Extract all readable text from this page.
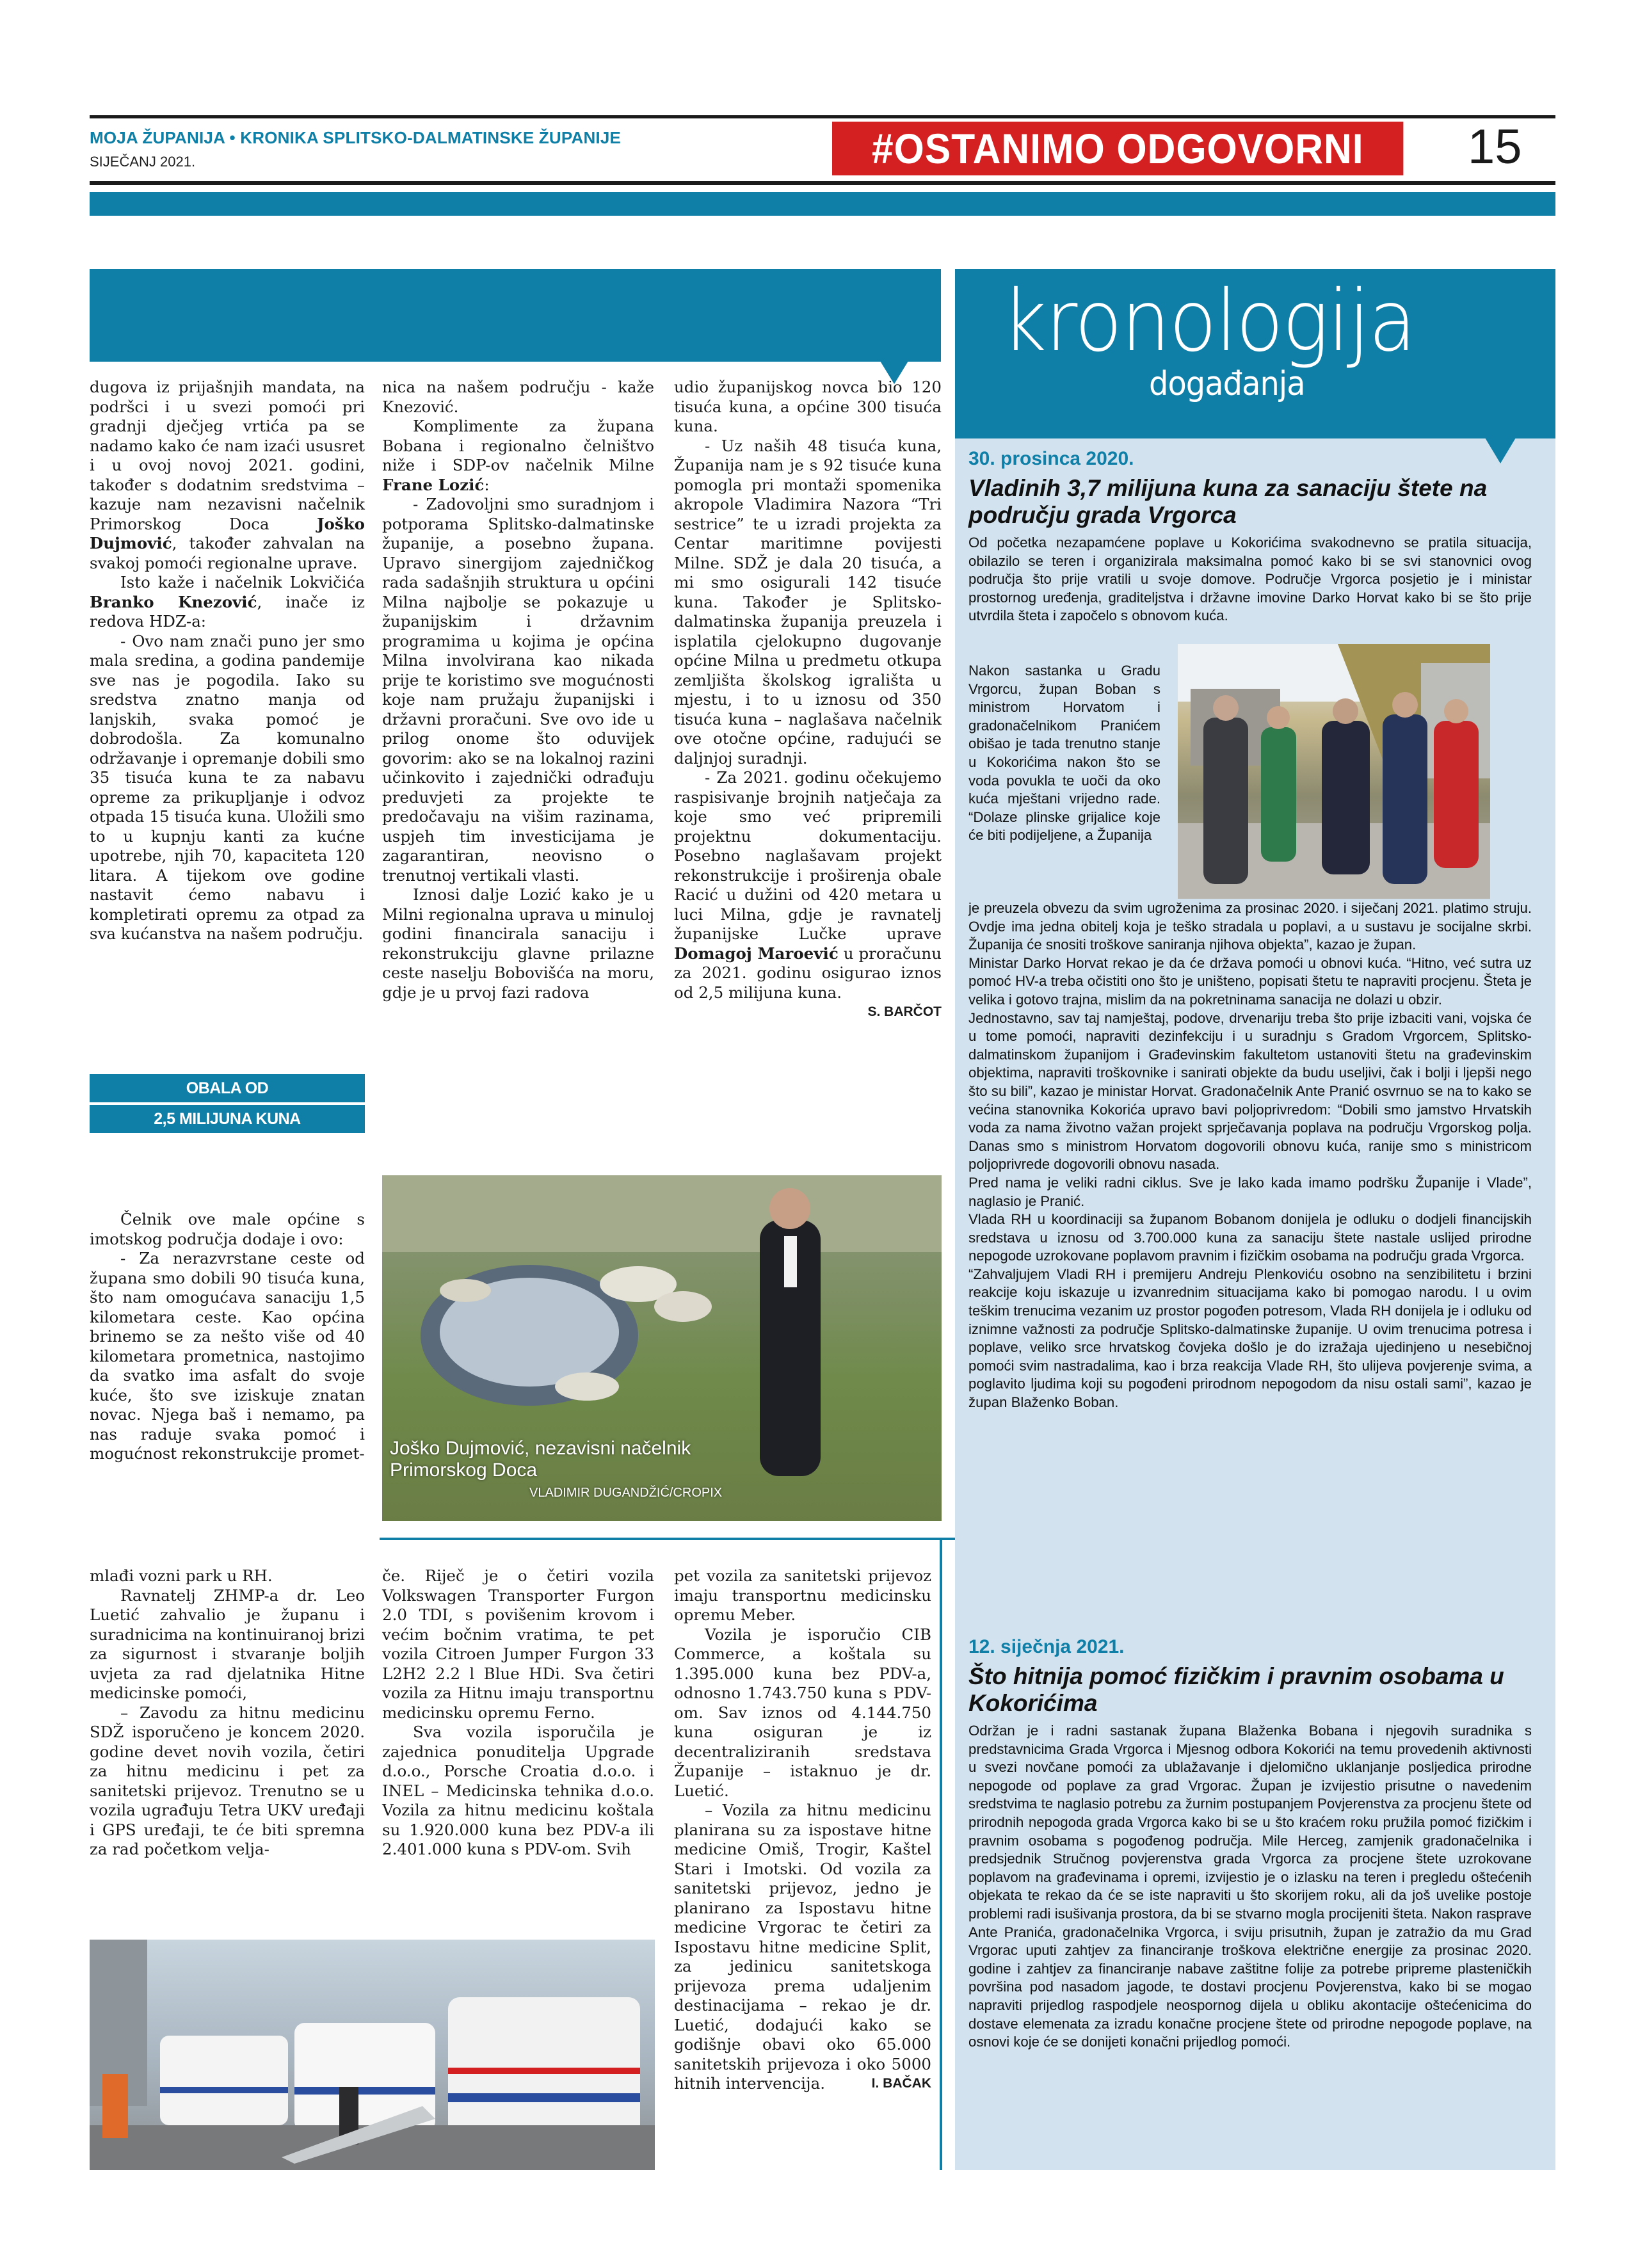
MOJA ŽUPANIJA • KRONIKA SPLITSKO-DALMATINSKE ŽUPANIJE
SIJEČANJ 2021.	#OSTANIMO ODGOVORNI	15

dugova iz prijašnjih mandata, na podršci i u svezi pomoći pri gradnji dječjeg vrtića pa se nadamo kako će nam izaći ususret i u ovoj novoj 2021. godini, također s dodatnim sredstvima – kazuje nam nezavisni načelnik Primorskog Doca Joško Dujmović, također zahvalan na svakoj pomoći regionalne uprave.

Isto kaže i načelnik Lokvičića Branko Knezović, inače iz redova HDZ-a:

- Ovo nam znači puno jer smo mala sredina, a godina pandemije sve nas je pogodila. Iako su sredstva znatno manja od lanjskih, svaka pomoć je dobrodošla. Za komunalno održavanje i opremanje dobili smo 35 tisuća kuna te za nabavu opreme za prikupljanje i odvoz otpada 15 tisuća kuna. Uložili smo to u kupnju kanti za kućne upotrebe, njih 70, kapaciteta 120 litara. A tijekom ove godine nastavit ćemo nabavu i kompletirati opremu za otpad za sva kućanstva na našem području.

OBALA OD
2,5 MILIJUNA KUNA

Čelnik ove male općine s imotskog područja dodaje i ovo:

- Za nerazvrstane ceste od župana smo dobili 90 tisuća kuna, što nam omogućava sanaciju 1,5 kilometara ceste. Kao općina brinemo se za nešto više od 40 kilometara prometnica, nastojimo da svatko ima asfalt do svoje kuće, što sve iziskuje znatan novac. Njega baš i nemamo, pa nas raduje svaka pomoć i mogućnost rekonstrukcije promet-

nica na našem području - kaže Knezović.

Komplimente za župana Bobana i regionalno čelništvo niže i SDP-ov načelnik Milne Frane Lozić:

- Zadovoljni smo suradnjom i potporama Splitsko-dalmatinske županije, a posebno župana. Upravo sinergijom zajedničkog rada sadašnjih struktura u općini Milna najbolje se pokazuje u županijskim i državnim programima u kojima je općina Milna involvirana kao nikada prije te koristimo sve mogućnosti koje nam pružaju županijski i državni proračuni. Sve ovo ide u prilog onome što oduvijek govorim: ako se na lokalnoj razini učinkovito i zajednički odrađuju preduvjeti za projekte te predočavaju na višim razinama, uspjeh tim investicijama je zagarantiran, neovisno o trenutnoj vertikali vlasti.

Iznosi dalje Lozić kako je u Milni regionalna uprava u minuloj godini financirala sanaciju i rekonstrukciju glavne prilazne ceste naselju Bobovišća na moru, gdje je u prvoj fazi radova

udio županijskog novca bio 120 tisuća kuna, a općine 300 tisuća kuna.

- Uz naših 48 tisuća kuna, Županija nam je s 92 tisuće kuna pomogla pri montaži spomenika akropole Vladimira Nazora “Tri sestrice” te u izradi projekta za Centar maritimne povijesti Milne. SDŽ je dala 20 tisuća, a mi smo osigurali 142 tisuće kuna. Također je Splitsko-dalmatinska županija preuzela i isplatila cjelokupno dugovanje općine Milna u predmetu otkupa zemljišta školskog igrališta u mjestu, i to u iznosu od 350 tisuća kuna – naglašava načelnik ove otočne općine, radujući se daljnjoj suradnji.

- Za 2021. godinu očekujemo raspisivanje brojnih natječaja za koje smo već pripremili projektnu dokumentaciju. Posebno naglašavam projekt rekonstrukcije i proširenja obale Racić u dužini od 420 metara u luci Milna, gdje je ravnatelj županijske Lučke uprave Domagoj Maroević u proračunu za 2021. godinu osigurao iznos od 2,5 milijuna kuna.
S. BARČOT

Joško Dujmović, nezavisni načelnik Primorskog Doca
VLADIMIR DUGANDŽIĆ/CROPIX

mlađi vozni park u RH.

Ravnatelj ZHMP-a dr. Leo Luetić zahvalio je županu i suradnicima na kontinuiranoj brizi za sigurnost i stvaranje boljih uvjeta za rad djelatnika Hitne medicinske pomoći,

– Zavodu za hitnu medicinu SDŽ isporučeno je koncem 2020. godine devet novih vozila, četiri za hitnu medicinu i pet za sanitetski prijevoz. Trenutno se u vozila ugrađuju Tetra UKV uređaji i GPS uređaji, te će biti spremna za rad početkom velja-

če. Riječ je o četiri vozila Volkswagen Transporter Furgon 2.0 TDI, s povišenim krovom i većim bočnim vratima, te pet vozila Citroen Jumper Furgon 33 L2H2 2.2 l Blue HDi. Sva četiri vozila za Hitnu imaju transportnu medicinsku opremu Ferno.

Sva vozila isporučila je zajednica ponuditelja Upgrade d.o.o., Porsche Croatia d.o.o. i INEL – Medicinska tehnika d.o.o. Vozila za hitnu medicinu koštala su 1.920.000 kuna bez PDV-a ili 2.401.000 kuna s PDV-om. Svih

pet vozila za sanitetski prijevoz imaju transportnu medicinsku opremu Meber.

Vozila je isporučio CIB Commerce, a koštala su 1.395.000 kuna bez PDV-a, odnosno 1.743.750 kuna s PDV-om. Sav iznos od 4.144.750 kuna osiguran je iz decentraliziranih sredstava Županije – istaknuo je dr. Luetić.

– Vozila za hitnu medicinu planirana su za ispostave hitne medicine Omiš, Trogir, Kaštel Stari i Imotski. Od vozila za sanitetski prijevoz, jedno je planirano za Ispostavu hitne medicine Vrgorac te četiri za Ispostavu hitne medicine Split, za jedinicu sanitetskoga prijevoza prema udaljenim destinacijama – rekao je dr. Luetić, dodajući kako se godišnje obavi oko 65.000 sanitetskih prijevoza i oko 5000 hitnih intervencija.	I. BAČAK

kronologija
događanja
30. prosinca 2020.
Vladinih 3,7 milijuna kuna za sanaciju štete na području grada Vrgorca

Od početka nezapamćene poplave u Kokorićima svakodnevno se pratila situacija, obilazilo se teren i organizirala maksimalna pomoć kako bi se svi stanovnici ovog područja što prije vratili u svoje domove. Područje Vrgorca posjetio je i ministar prostornog uređenja, graditeljstva i državne imovine Darko Horvat kako bi se što prije utvrdila šteta i započelo s obnovom kuća.

Nakon sastanka u Gradu Vrgorcu, župan Boban s ministrom Horvatom i gradonačelnikom Pranićem obišao je tada trenutno stanje u Kokorićima nakon što se voda povukla te uoči da oko kuća mještani vrijedno rade. “Dolaze plinske grijalice koje će biti podijeljene, a Županija

je preuzela obvezu da svim ugroženima za prosinac 2020. i siječanj 2021. platimo struju. Ovdje ima jedna obitelj koja je teško stradala u poplavi, a u sustavu je socijalne skrbi. Županija će snositi troškove saniranja njihova objekta”, kazao je župan.

Ministar Darko Horvat rekao je da će država pomoći u obnovi kuća. “Hitno, već sutra uz pomoć HV-a treba očistiti ono što je uništeno, popisati štetu te napraviti procjenu. Šteta je velika i gotovo trajna, mislim da na pokretninama sanacija ne dolazi u obzir.

Jednostavno, sav taj namještaj, podove, drvenariju treba što prije izbaciti vani, vojska će u tome pomoći, napraviti dezinfekciju i u suradnju s Gradom Vrgorcem, Splitsko-dalmatinskom županijom i Građevinskim fakultetom ustanoviti štetu na građevinskim objektima, napraviti troškovnike i sanirati objekte da budu useljivi, čak i bolji i ljepši nego što su bili”, kazao je ministar Horvat. Gradonačelnik Ante Pranić osvrnuo se na to kako se većina stanovnika Kokorića upravo bavi poljoprivredom: “Dobili smo jamstvo Hrvatskih voda za nama životno važan projekt sprječavanja poplava na području Vrgorskog polja. Danas smo s ministrom Horvatom dogovorili obnovu kuća, ranije smo s ministricom poljoprivrede dogovorili obnovu nasada.

Pred nama je veliki radni ciklus. Sve je lako kada imamo podršku Županije i Vlade”, naglasio je Pranić.

Vlada RH u koordinaciji sa županom Bobanom donijela je odluku o dodjeli financijskih sredstava u iznosu od 3.700.000 kuna za sanaciju štete nastale uslijed prirodne nepogode uzrokovane poplavom pravnim i fizičkim osobama na području grada Vrgorca.

“Zahvaljujem Vladi RH i premijeru Andreju Plenkoviću osobno na senzibilitetu i brzini reakcije koju iskazuje u izvanrednim situacijama kako bi pomogao narodu. I u ovim teškim trenucima vezanim uz prostor pogođen potresom, Vlada RH donijela je i odluku od iznimne važnosti za područje Splitsko-dalmatinske županije. U ovim trenucima potresa i poplave, veliko srce hrvatskog čovjeka došlo je do izražaja ujedinjeno u nesebičnoj pomoći svim nastradalima, kao i brza reakcija Vlade RH, što ulijeva povjerenje svima, a poglavito ljudima koji su pogođeni prirodnom nepogodom da nisu ostali sami”, kazao je župan Blaženko Boban.

12. siječnja 2021.
Što hitnija pomoć fizičkim i pravnim osobama u Kokorićima

Održan je i radni sastanak župana Blaženka Bobana i njegovih suradnika s predstavnicima Grada Vrgorca i Mjesnog odbora Kokorići na temu provedenih aktivnosti u svezi novčane pomoći za ublažavanje i djelomično uklanjanje posljedica prirodne nepogode od poplave za grad Vrgorac. Župan je izvijestio prisutne o navedenim sredstvima te naglasio potrebu za žurnim postupanjem Povjerenstva za procjenu štete od prirodnih nepogoda grada Vrgorca kako bi se u što kraćem roku pružila pomoć fizičkim i pravnim osobama s pogođenog područja. Mile Herceg, zamjenik gradonačelnika i predsjednik Stručnog povjerenstva grada Vrgorca za procjene štete uzrokovane poplavom na građevinama i opremi, izvijestio je o izlasku na teren i pregledu oštećenih objekata te rekao da će se iste napraviti u što skorijem roku, ali da još uvelike postoje problemi radi isušivanja prostora, da bi se stvarno mogla procijeniti šteta. Nakon rasprave Ante Pranića, gradonačelnika Vrgorca, i sviju prisutnih, župan je zatražio da mu Grad Vrgorac uputi zahtjev za financiranje troškova električne energije za prosinac 2020. godine i zahtjev za financiranje nabave zaštitne folije za potrebe pripreme plasteničkih površina pod nasadom jagode, te dostavi procjenu Povjerenstva, kako bi se mogao napraviti prijedlog raspodjele neospornog dijela u obliku akontacije oštećenicima do dostave elemenata za izradu konačne procjene štete od prirodne nepogode poplave, na osnovi koje će se donijeti konačni prijedlog pomoći.
